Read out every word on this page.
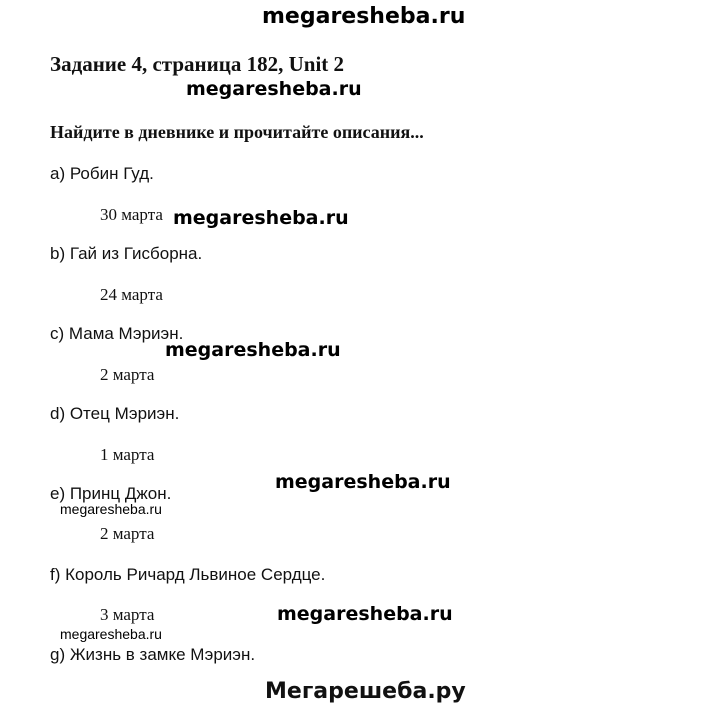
megaresheba.ru
Задание 4, страница 182, Unit 2
megaresheba.ru
Найдите в дневнике и прочитайте описания...
a) Робин Гуд.
30 марта megaresheba.ru
b) Гай из Гисборна.
24 марта
c) Мама Мэриэн.
megaresheba.ru
2 марта
d) Отец Мэриэн.
1 марта
megaresheba.ru
e) Принц Джон.
megaresheba.ru
2 марта
f) Король Ричард Львиное Сердце.
3 марта	megaresheba.ru
megaresheba.ru
g) Жизнь в замке Мэриэн.
Мегарешеба.ру
